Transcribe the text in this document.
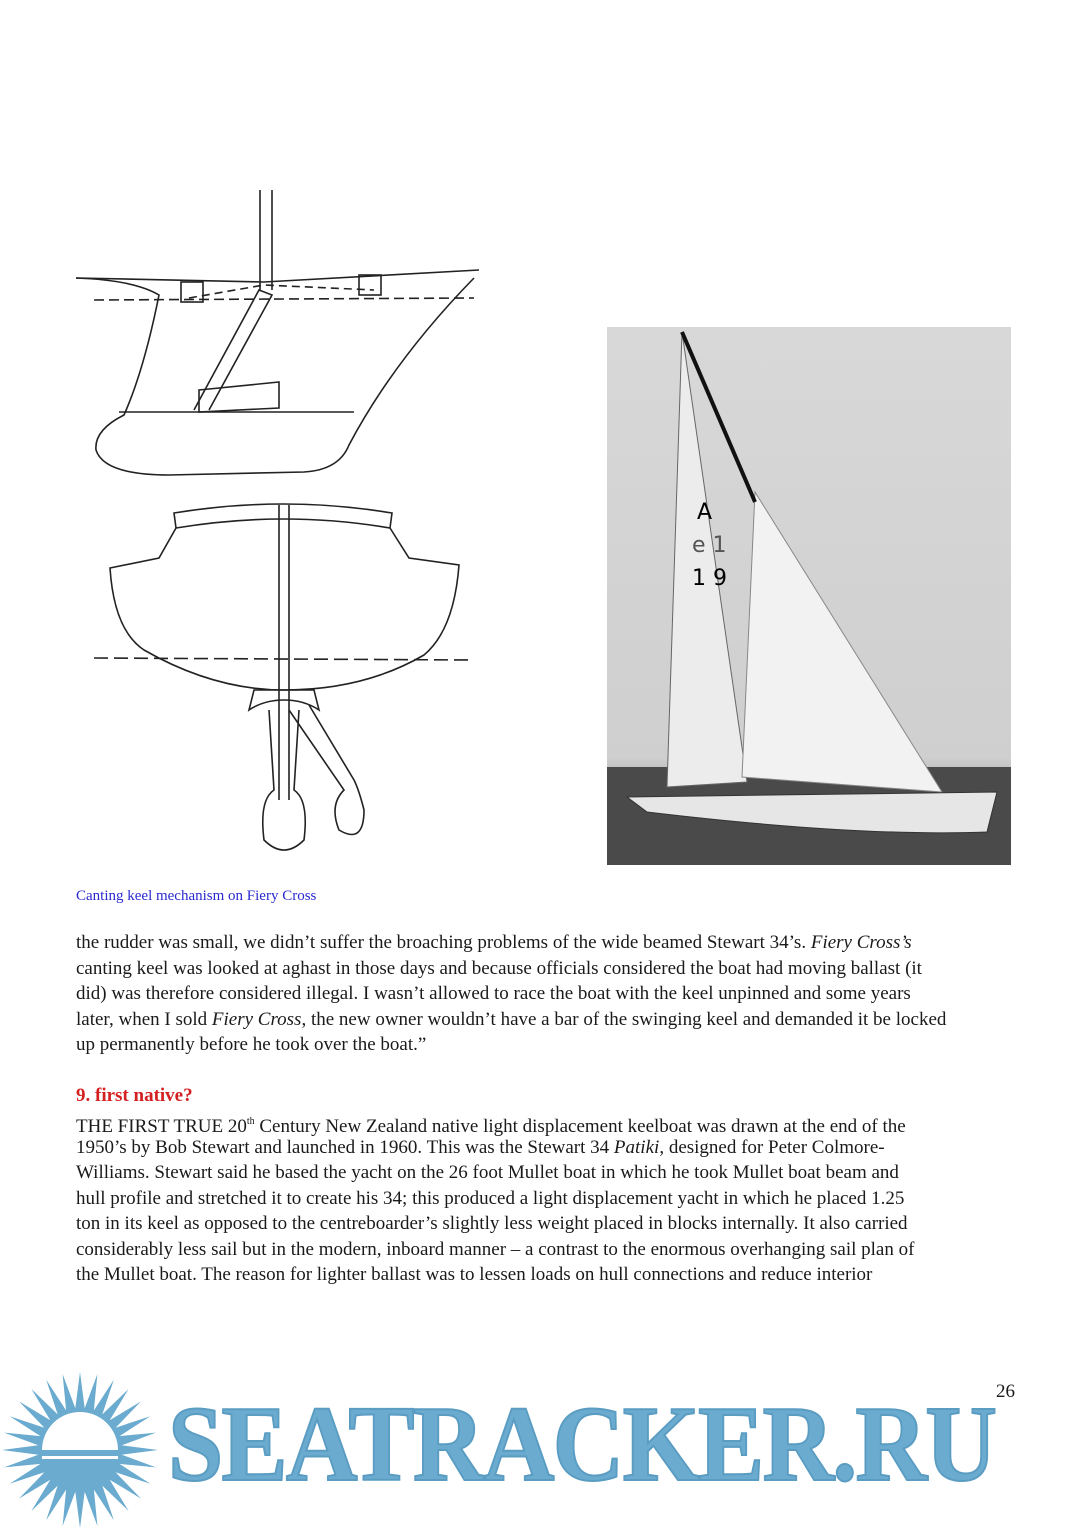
A
e 1
1 9
Canting keel mechanism on Fiery Cross
the rudder was small, we didn’t suffer the broaching problems of the wide beamed Stewart 34’s. Fiery Cross’s
canting keel was looked at aghast in those days and because officials considered the boat had moving ballast (it
did) was therefore considered illegal. I wasn’t allowed to race the boat with the keel unpinned and some years
later, when I sold Fiery Cross, the new owner wouldn’t have a bar of the swinging keel and demanded it be locked
up permanently before he took over the boat.”
9. first native?
THE FIRST TRUE 20th Century New Zealand native light displacement keelboat was drawn at the end of the
1950’s by Bob Stewart and launched in 1960. This was the Stewart 34 Patiki, designed for Peter Colmore-
Williams. Stewart said he based the yacht on the 26 foot Mullet boat in which he took Mullet boat beam and
hull profile and stretched it to create his 34; this produced a light displacement yacht in which he placed 1.25
ton in its keel as opposed to the centreboarder’s slightly less weight placed in blocks internally. It also carried
considerably less sail but in the modern, inboard manner – a contrast to the enormous overhanging sail plan of
the Mullet boat. The reason for lighter ballast was to lessen loads on hull connections and reduce interior
26
SEATRACKER.RU
